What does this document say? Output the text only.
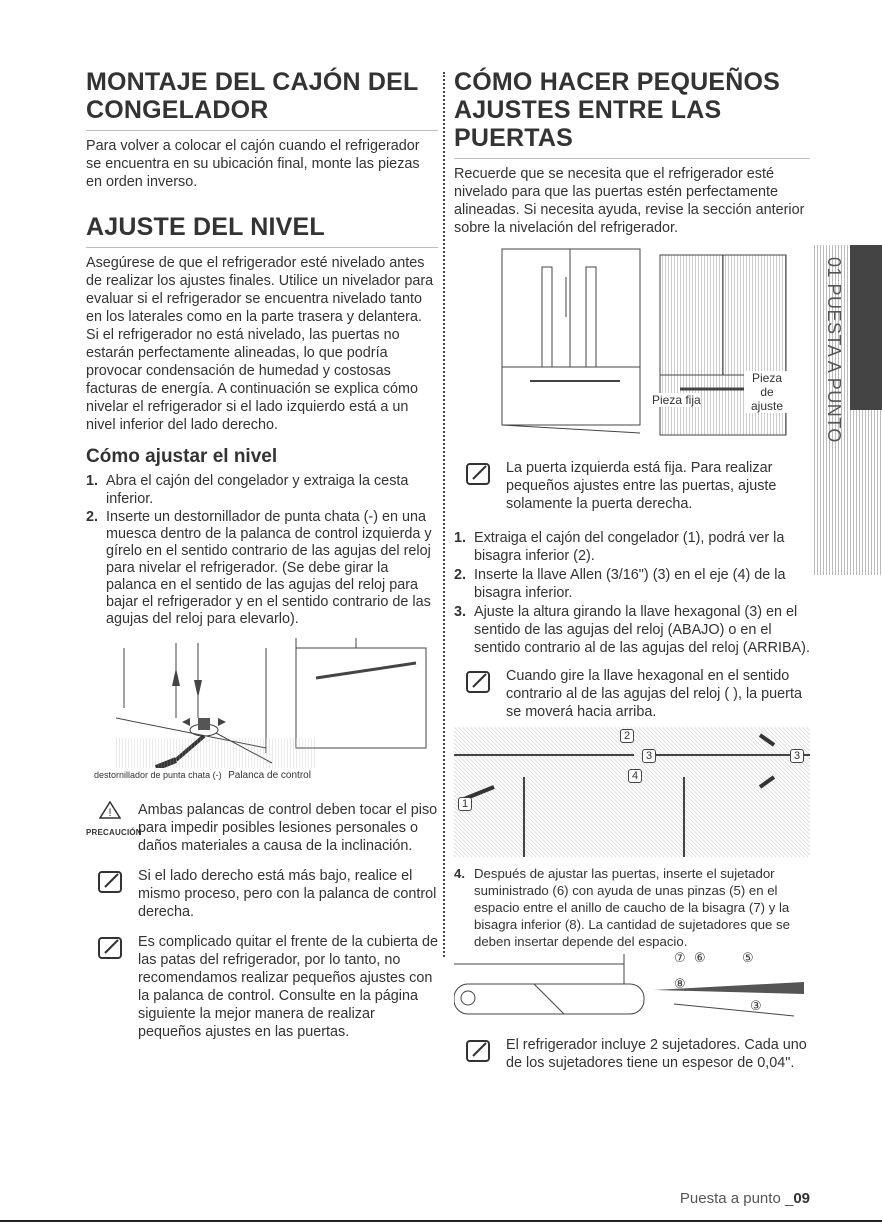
MONTAJE DEL CAJÓN DEL
CONGELADOR

Para volver a colocar el cajón cuando el refrigerador se encuentra en su ubicación final, monte las piezas en orden inverso.

AJUSTE DEL NIVEL

Asegúrese de que el refrigerador esté nivelado antes de realizar los ajustes finales. Utilice un nivelador para evaluar si el refrigerador se encuentra nivelado tanto en los laterales como en la parte trasera y delantera. Si el refrigerador no está nivelado, las puertas no estarán perfectamente alineadas, lo que podría provocar condensación de humedad y costosas facturas de energía. A continuación se explica cómo nivelar el refrigerador si el lado izquierdo está a un nivel inferior del lado derecho.

Cómo ajustar el nivel
1. Abra el cajón del congelador y extraiga la cesta inferior.
2. Inserte un destornillador de punta chata (-) en una muesca dentro de la palanca de control izquierda y gírelo en el sentido contrario de las agujas del reloj para nivelar el refrigerador. (Se debe girar la palanca en el sentido de las agujas del reloj para bajar el refrigerador y en el sentido contrario de las agujas del reloj para elevarlo).
destornillador de punta chata (-) Palanca de control
!
PRECAUCIÓN
Ambas palancas de control deben tocar el piso para impedir posibles lesiones personales o daños materiales a causa de la inclinación.
Si el lado derecho está más bajo, realice el mismo proceso, pero con la palanca de control derecha.
Es complicado quitar el frente de la cubierta de las patas del refrigerador, por lo tanto, no recomendamos realizar pequeños ajustes con la palanca de control. Consulte en la página siguiente la mejor manera de realizar pequeños ajustes en las puertas.
CÓMO HACER PEQUEÑOS
AJUSTES ENTRE LAS PUERTAS

Recuerde que se necesita que el refrigerador esté nivelado para que las puertas estén perfectamente alineadas. Si necesita ayuda, revise la sección anterior sobre la nivelación del refrigerador.

Pieza fija
Pieza de
ajuste
La puerta izquierda está fija. Para realizar pequeños ajustes entre las puertas, ajuste solamente la puerta derecha.
1. Extraiga el cajón del congelador (1), podrá ver la bisagra inferior (2).
2. Inserte la llave Allen (3/16") (3) en el eje (4) de la bisagra inferior.
3. Ajuste la altura girando la llave hexagonal (3) en el sentido de las agujas del reloj (ABAJO) o en el sentido contrario al de las agujas del reloj (ARRIBA).
Cuando gire la llave hexagonal en el sentido contrario al de las agujas del reloj ( ), la puerta se moverá hacia arriba.
2
3
4
1
3
4. Después de ajustar las puertas, inserte el sujetador suministrado (6) con ayuda de unas pinzas (5) en el espacio entre el anillo de caucho de la bisagra (7) y la bisagra inferior (8). La cantidad de sujetadores que se deben insertar depende del espacio.
⑦ ⑥	⑤
⑧
③
El refrigerador incluye 2 sujetadores. Cada uno de los sujetadores tiene un espesor de 0,04".
01 PUESTA A PUNTO
Puesta a punto _09
